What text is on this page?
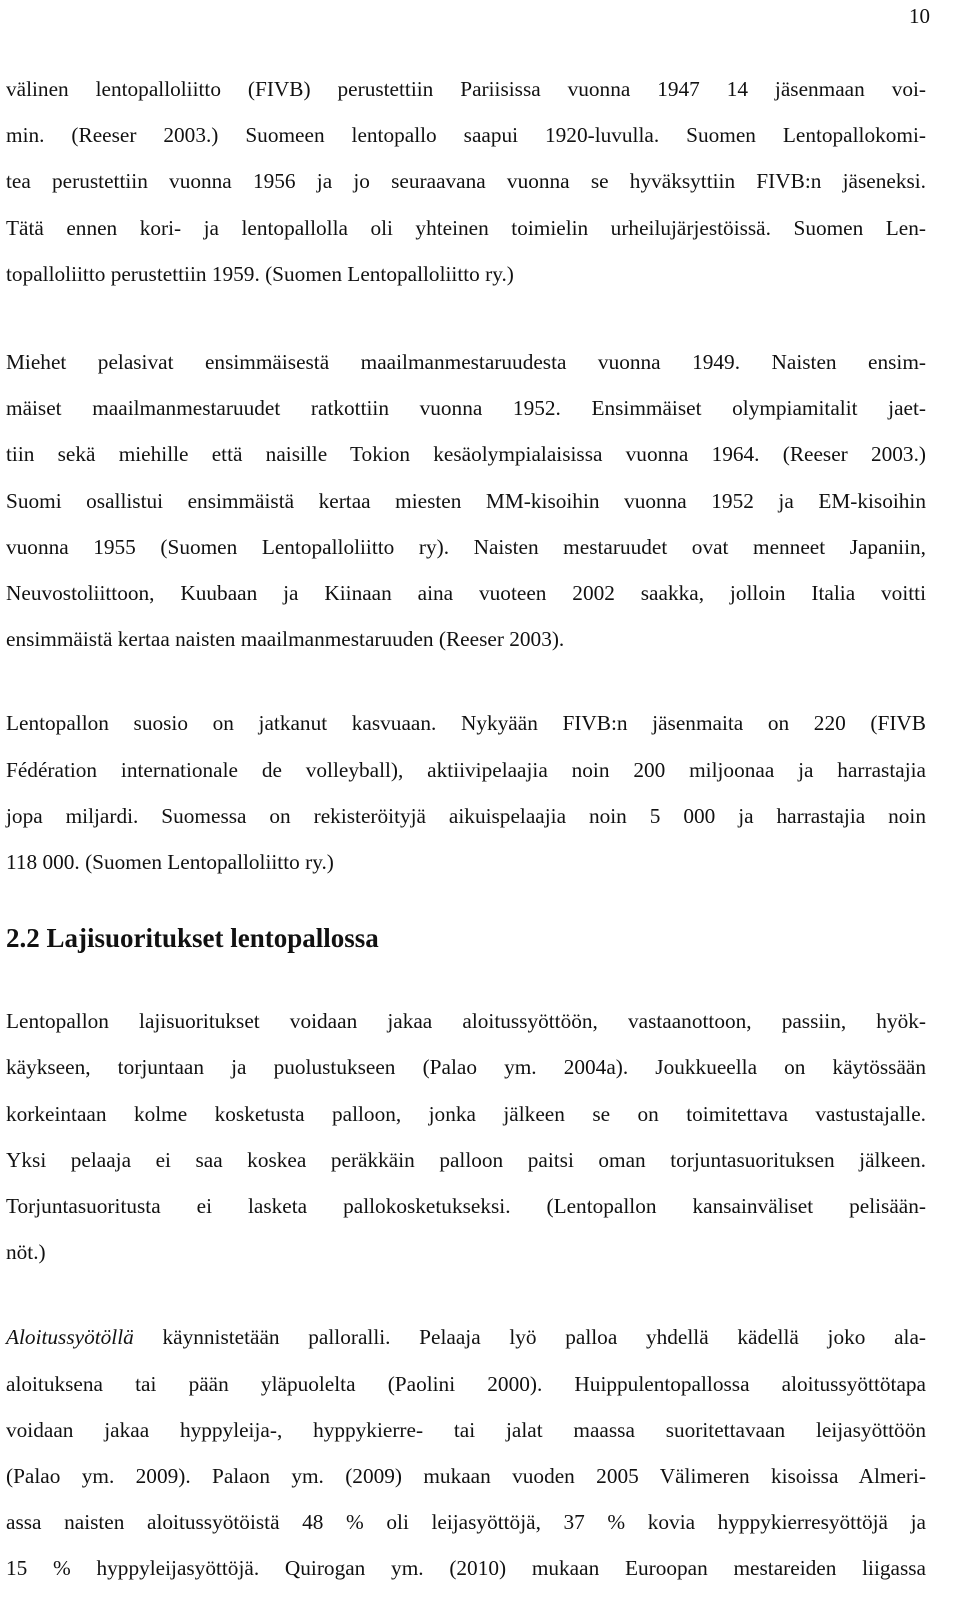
10

välinen lentopalloliitto (FIVB) perustettiin Pariisissa vuonna 1947 14 jäsenmaan voi-
min. (Reeser 2003.) Suomeen lentopallo saapui 1920-luvulla. Suomen Lentopallokomi-
tea perustettiin vuonna 1956 ja jo seuraavana vuonna se hyväksyttiin FIVB:n jäseneksi.
Tätä ennen kori- ja lentopallolla oli yhteinen toimielin urheilujärjestöissä. Suomen Len-
topalloliitto perustettiin 1959. (Suomen Lentopalloliitto ry.)

Miehet pelasivat ensimmäisestä maailmanmestaruudesta vuonna 1949. Naisten ensim-
mäiset maailmanmestaruudet ratkottiin vuonna 1952. Ensimmäiset olympiamitalit jaet-
tiin sekä miehille että naisille Tokion kesäolympialaisissa vuonna 1964. (Reeser 2003.)
Suomi osallistui ensimmäistä kertaa miesten MM-kisoihin vuonna 1952 ja EM-kisoihin
vuonna 1955 (Suomen Lentopalloliitto ry). Naisten mestaruudet ovat menneet Japaniin,
Neuvostoliittoon, Kuubaan ja Kiinaan aina vuoteen 2002 saakka, jolloin Italia voitti
ensimmäistä kertaa naisten maailmanmestaruuden (Reeser 2003).

Lentopallon suosio on jatkanut kasvuaan. Nykyään FIVB:n jäsenmaita on 220 (FIVB
Fédération internationale de volleyball), aktiivipelaajia noin 200 miljoonaa ja harrastajia
jopa miljardi. Suomessa on rekisteröityjä aikuispelaajia noin 5 000 ja harrastajia noin
118 000. (Suomen Lentopalloliitto ry.)

2.2 Lajisuoritukset lentopallossa

Lentopallon lajisuoritukset voidaan jakaa aloitussyöttöön, vastaanottoon, passiin, hyök-
käykseen, torjuntaan ja puolustukseen (Palao ym. 2004a). Joukkueella on käytössään
korkeintaan kolme kosketusta palloon, jonka jälkeen se on toimitettava vastustajalle.
Yksi pelaaja ei saa koskea peräkkäin palloon paitsi oman torjuntasuorituksen jälkeen.
Torjuntasuoritusta ei lasketa pallokosketukseksi. (Lentopallon kansainväliset pelisään-
nöt.)

Aloitussyötöllä käynnistetään palloralli. Pelaaja lyö palloa yhdellä kädellä joko ala-
aloituksena tai pään yläpuolelta (Paolini 2000). Huippulentopallossa aloitussyöttötapa
voidaan jakaa hyppyleija-, hyppykierre- tai jalat maassa suoritettavaan leijasyöttöön
(Palao ym. 2009). Palaon ym. (2009) mukaan vuoden 2005 Välimeren kisoissa Almeri-
assa naisten aloitussyötöistä 48 % oli leijasyöttöjä, 37 % kovia hyppykierresyöttöjä ja
15 % hyppyleijasyöttöjä. Quirogan ym. (2010) mukaan Euroopan mestareiden liigassa
